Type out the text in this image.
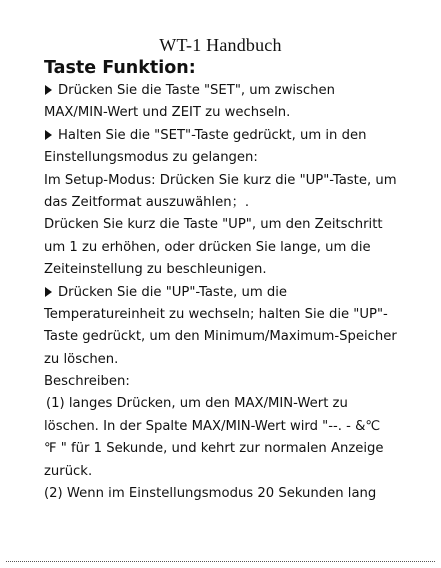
WT-1 Handbuch
Taste Funktion:
Drücken Sie die Taste "SET", um zwischen
MAX/MIN-Wert und ZEIT zu wechseln.
Halten Sie die "SET"-Taste gedrückt, um in den
Einstellungsmodus zu gelangen:
Im Setup-Modus: Drücken Sie kurz die "UP"-Taste, um
das Zeitformat auszuwählen；.
Drücken Sie kurz die Taste "UP", um den Zeitschritt
um 1 zu erhöhen, oder drücken Sie lange, um die
Zeiteinstellung zu beschleunigen.
Drücken Sie die "UP"-Taste, um die
Temperatureinheit zu wechseln; halten Sie die "UP"-
Taste gedrückt, um den Minimum/Maximum-Speicher
zu löschen.
Beschreiben:
(1) langes Drücken, um den MAX/MIN-Wert zu
löschen. In der Spalte MAX/MIN-Wert wird "--. - &℃
℉ " für 1 Sekunde, und kehrt zur normalen Anzeige
zurück.
(2) Wenn im Einstellungsmodus 20 Sekunden lang
